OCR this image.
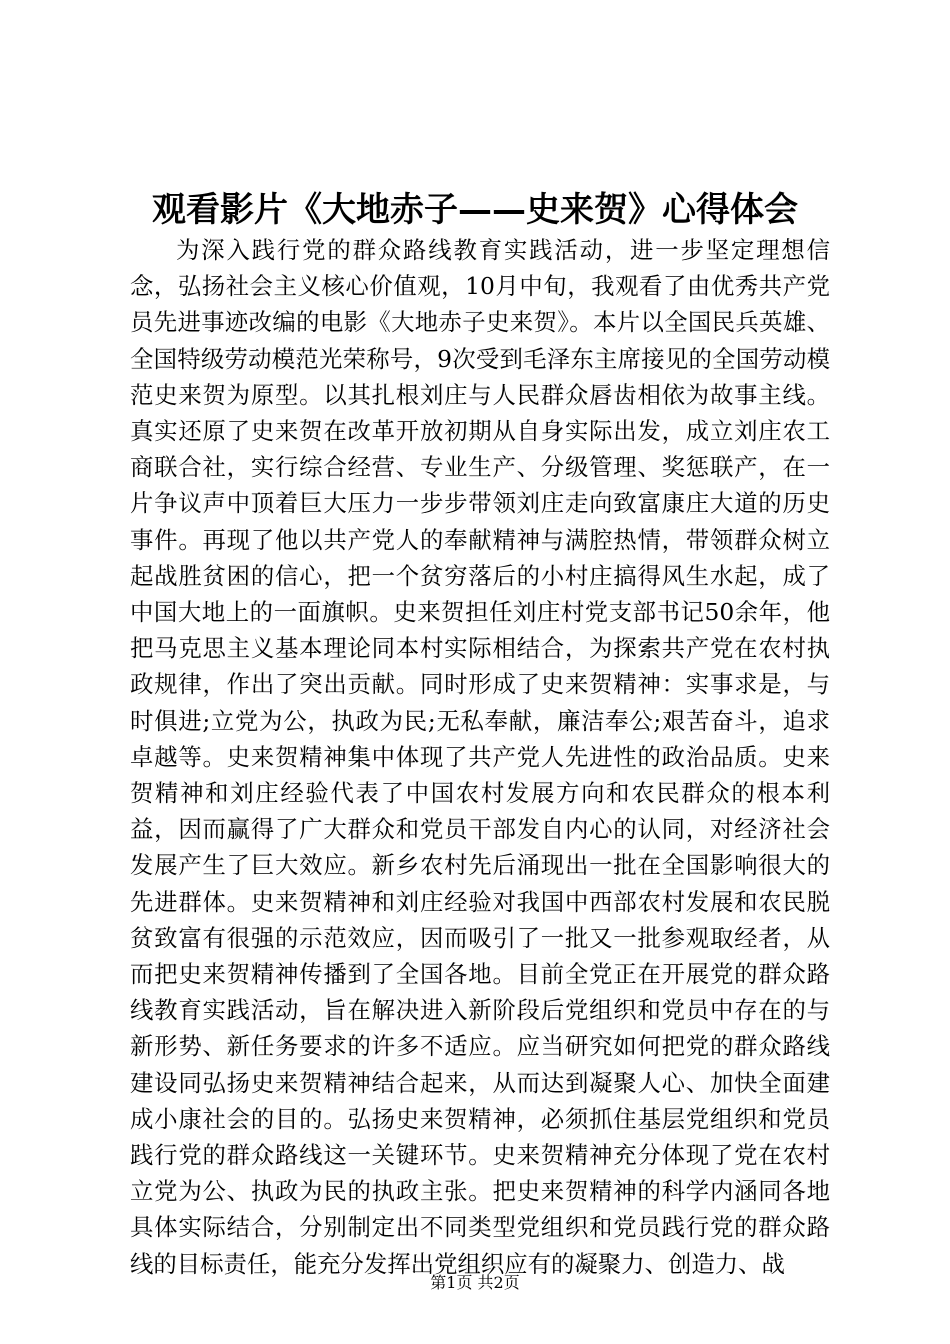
观看影片《大地赤子——史来贺》心得体会

为深入践行党的群众路线教育实践活动，进一步坚定理想信念，弘扬社会主义核心价值观，10月中旬，我观看了由优秀共产党员先进事迹改编的电影《大地赤子史来贺》。本片以全国民兵英雄、全国特级劳动模范光荣称号，9次受到毛泽东主席接见的全国劳动模范史来贺为原型。以其扎根刘庄与人民群众唇齿相依为故事主线。真实还原了史来贺在改革开放初期从自身实际出发，成立刘庄农工商联合社，实行综合经营、专业生产、分级管理、奖惩联产，在一片争议声中顶着巨大压力一步步带领刘庄走向致富康庄大道的历史事件。再现了他以共产党人的奉献精神与满腔热情，带领群众树立起战胜贫困的信心，把一个贫穷落后的小村庄搞得风生水起，成了中国大地上的一面旗帜。史来贺担任刘庄村党支部书记50余年，他把马克思主义基本理论同本村实际相结合，为探索共产党在农村执政规律，作出了突出贡献。同时形成了史来贺精神：实事求是，与时俱进;立党为公，执政为民;无私奉献，廉洁奉公;艰苦奋斗，追求卓越等。史来贺精神集中体现了共产党人先进性的政治品质。史来贺精神和刘庄经验代表了中国农村发展方向和农民群众的根本利益，因而赢得了广大群众和党员干部发自内心的认同，对经济社会发展产生了巨大效应。新乡农村先后涌现出一批在全国影响很大的先进群体。史来贺精神和刘庄经验对我国中西部农村发展和农民脱贫致富有很强的示范效应，因而吸引了一批又一批参观取经者，从而把史来贺精神传播到了全国各地。目前全党正在开展党的群众路线教育实践活动，旨在解决进入新阶段后党组织和党员中存在的与新形势、新任务要求的许多不适应。应当研究如何把党的群众路线建设同弘扬史来贺精神结合起来，从而达到凝聚人心、加快全面建成小康社会的目的。弘扬史来贺精神，必须抓住基层党组织和党员践行党的群众路线这一关键环节。史来贺精神充分体现了党在农村立党为公、执政为民的执政主张。把史来贺精神的科学内涵同各地具体实际结合，分别制定出不同类型党组织和党员践行党的群众路线的目标责任，能充分发挥出党组织应有的凝聚力、创造力、战

第1页 共2页
